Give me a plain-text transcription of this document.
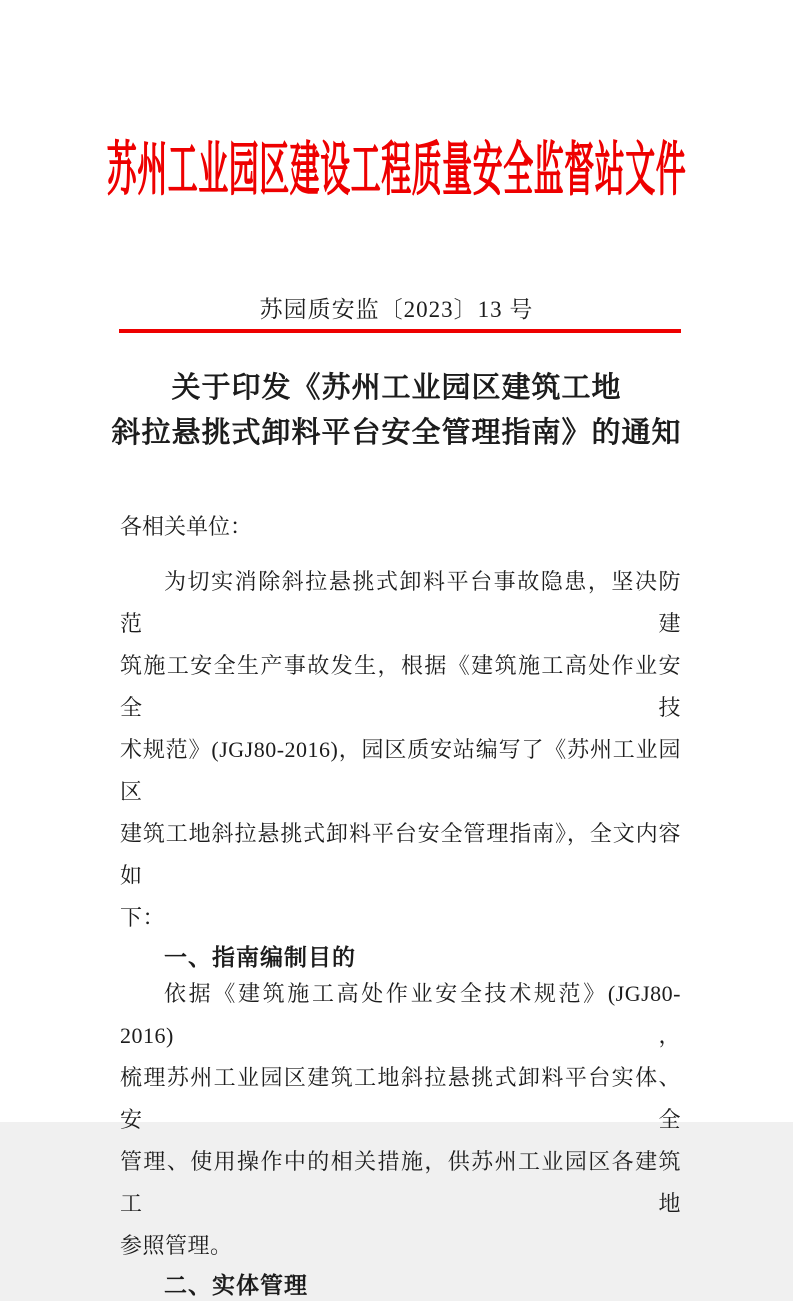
苏州工业园区建设工程质量安全监督站文件
苏园质安监〔2023〕13 号
关于印发《苏州工业园区建筑工地
斜拉悬挑式卸料平台安全管理指南》的通知
各相关单位：
为切实消除斜拉悬挑式卸料平台事故隐患，坚决防范建
筑施工安全生产事故发生，根据《建筑施工高处作业安全技
术规范》(JGJ80-2016)，园区质安站编写了《苏州工业园区
建筑工地斜拉悬挑式卸料平台安全管理指南》，全文内容如
下：
一、指南编制目的
依据《建筑施工高处作业安全技术规范》(JGJ80-2016)，
梳理苏州工业园区建筑工地斜拉悬挑式卸料平台实体、安全
管理、使用操作中的相关措施，供苏州工业园区各建筑工地
参照管理。
二、实体管理
